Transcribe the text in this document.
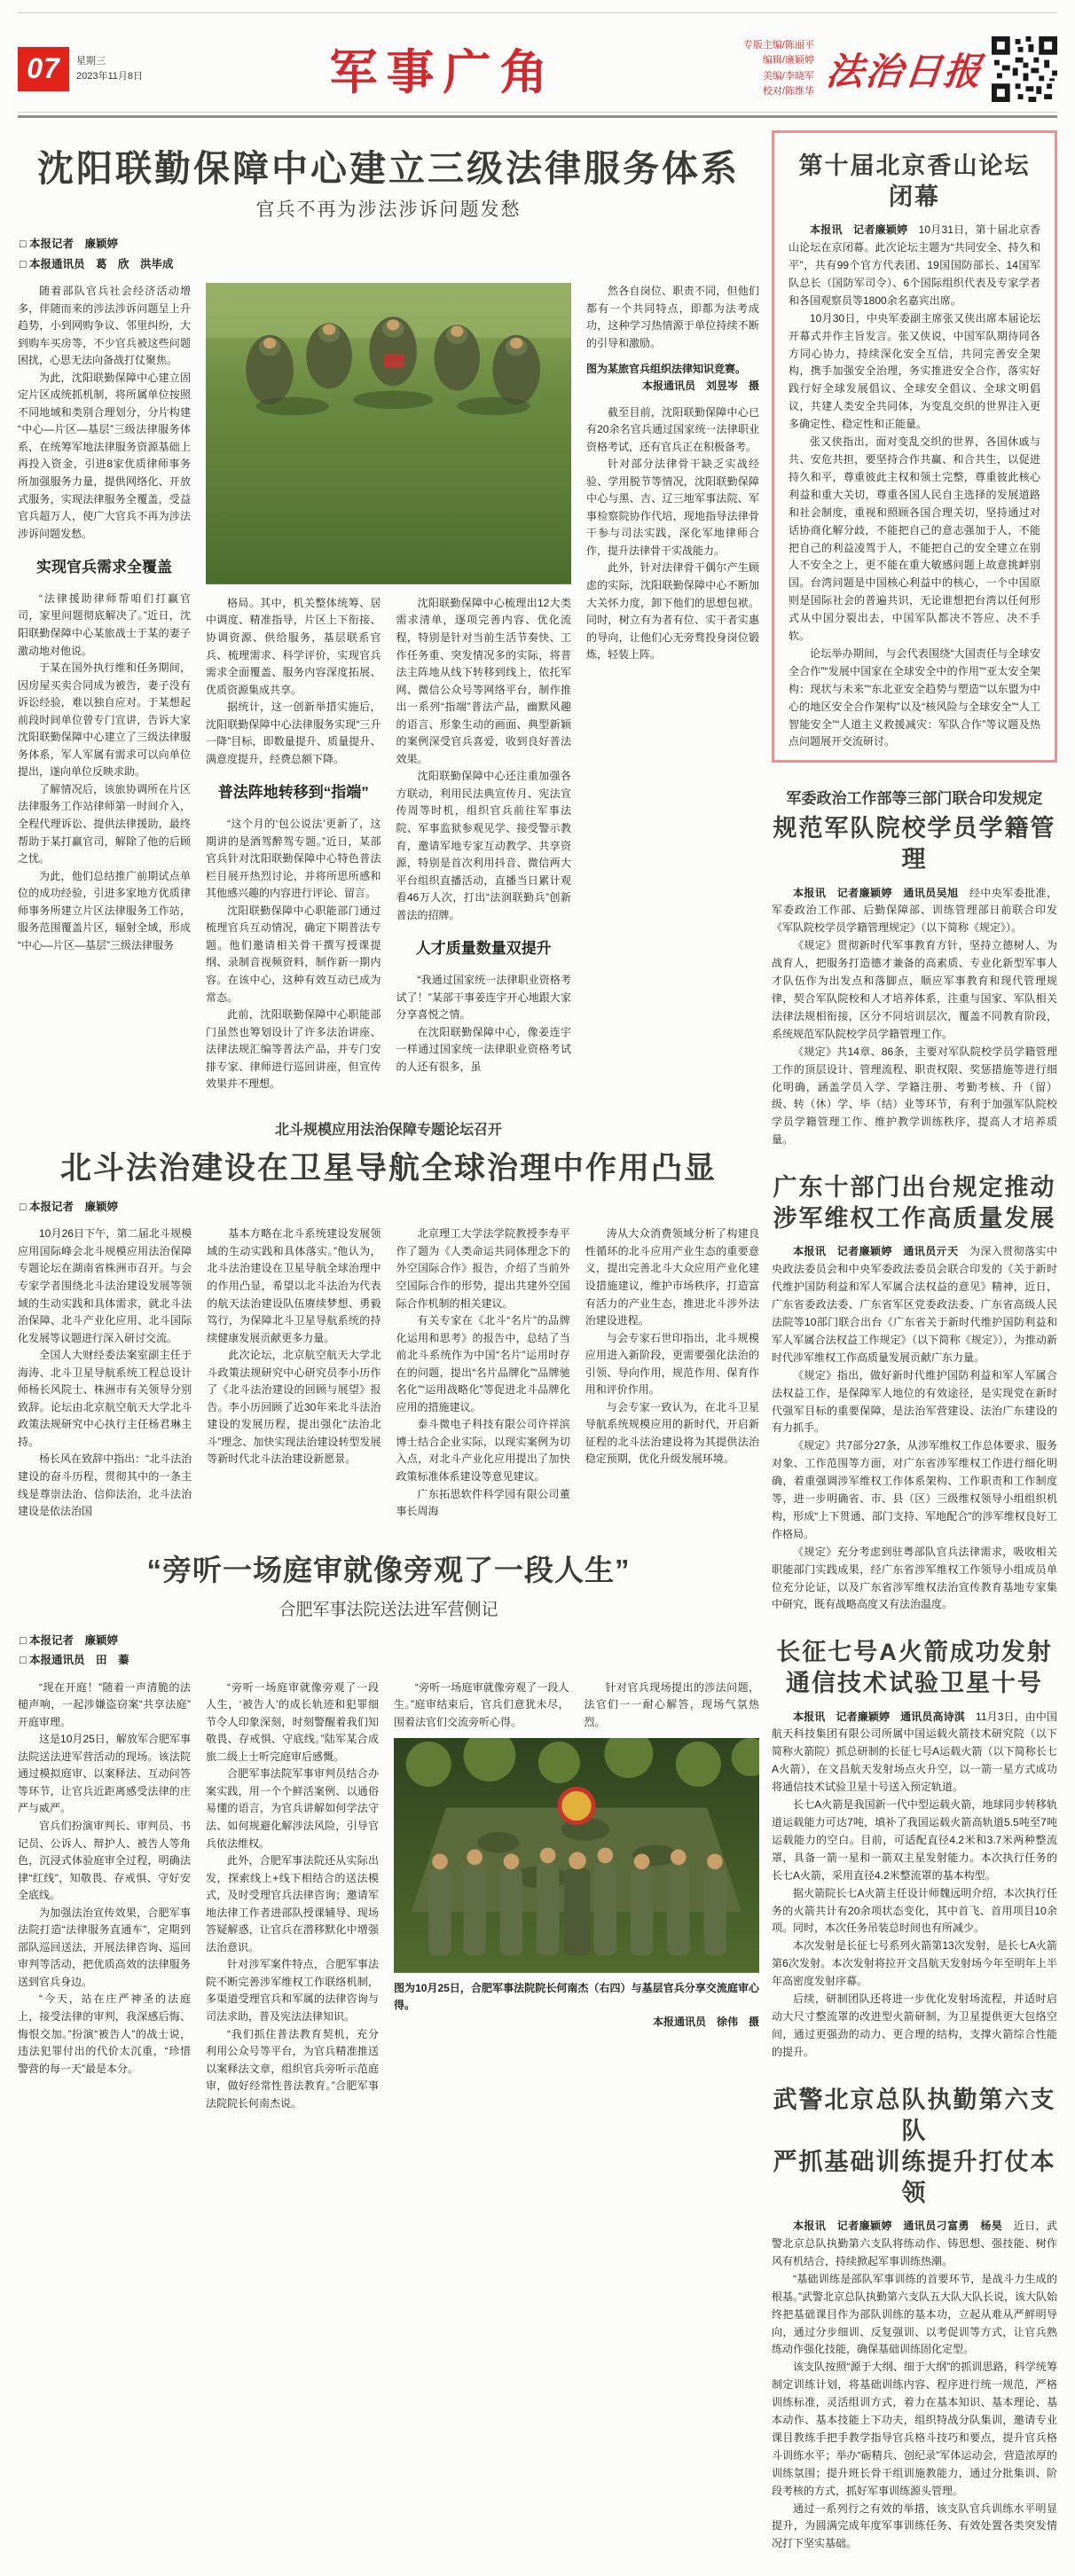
07	星期三
2023年11月8日	军事广角
专版主编/陈丽平
编辑/廉颖婷
美编/李晓军
校对/陈维华 法治日报
沈阳联勤保障中心建立三级法律服务体系
官兵不再为涉法涉诉问题发愁
□ 本报记者　廉颖婷
□ 本报通讯员　葛　欣　洪毕成

随着部队官兵社会经济活动增多，伴随而来的涉法涉诉问题呈上升趋势，小到网购争议、邻里纠纷，大到购车买房等，不少官兵被这些问题困扰，心思无法向备战打仗聚焦。

为此，沈阳联勤保障中心建立固定片区成统抓机制，将所属单位按照不同地域和类别合理划分，分片构建“中心—片区—基层”三级法律服务体系，在统筹军地法律服务资源基础上再投入资金，引进8家优质律师事务所加强服务力量，提供网络化、开放式服务，实现法律服务全覆盖，受益官兵超万人，使广大官兵不再为涉法涉诉问题发愁。

实现官兵需求全覆盖

“法律援助律师帮咱们打赢官司，家里问题彻底解决了。”近日，沈阳联勤保障中心某旅战士于某的妻子激动地对他说。

于某在国外执行维和任务期间，因房屋买卖合同成为被告，妻子没有诉讼经验，难以独自应对。于某想起前段时间单位曾专门宣讲，告诉大家沈阳联勤保障中心建立了三级法律服务体系，军人军属有需求可以向单位提出，遂向单位反映求助。

了解情况后，该旅协调所在片区法律服务工作站律师第一时间介入，全程代理诉讼、提供法律援助，最终帮助于某打赢官司，解除了他的后顾之忧。

为此，他们总结推广前期试点单位的成功经验，引进多家地方优质律师事务所建立片区法律服务工作站，服务范围覆盖片区，辐射全域，形成“中心—片区—基层”三级法律服务

格局。其中，机关整体统筹、居中调度、精准指导，片区上下衔接、协调资源、供给服务，基层联系官兵、梳理需求、科学评价，实现官兵需求全面覆盖、服务内容深度拓展、优质资源集成共享。

据统计，这一创新举措实施后，沈阳联勤保障中心法律服务实现“三升一降”目标，即数量提升、质量提升、满意度提升，经费总额下降。

普法阵地转移到“指端”

“这个月的‘包公说法’更新了，这期讲的是酒驾醉驾专题。”近日，某部官兵针对沈阳联勤保障中心特色普法栏目展开热烈讨论，并将所思所感和其他感兴趣的内容进行评论、留言。

沈阳联勤保障中心职能部门通过梳理官兵互动情况，确定下期普法专题。他们邀请相关骨干撰写授课提纲、录制音视频资料，制作新一期内容。在该中心，这种有效互动已成为常态。

此前，沈阳联勤保障中心职能部门虽然也筹划设计了许多法治讲座、法律法规汇编等普法产品，并专门安排专家、律师进行巡回讲座，但宣传效果并不理想。

沈阳联勤保障中心梳理出12大类需求清单，逐项完善内容、优化流程，特别是针对当前生活节奏快、工作任务重、突发情况多的实际，将普法主阵地从线下转移到线上，依托军网、微信公众号等网络平台，制作推出一系列“指端”普法产品，幽默风趣的语言、形象生动的画面、典型新颖的案例深受官兵喜爱，收到良好普法效果。

沈阳联勤保障中心还注重加强各方联动，利用民法典宣传月、宪法宣传周等时机，组织官兵前往军事法院、军事监狱参观见学、接受警示教育，邀请军地专家互动教学、共享资源，特别是首次利用抖音、微信两大平台组织直播活动，直播当日累计观看46万人次，打出“法润联勤兵”创新普法的招牌。

人才质量数量双提升

“我通过国家统一法律职业资格考试了！”某部干事姜连宇开心地跟大家分享喜悦之情。

在沈阳联勤保障中心，像姜连宇一样通过国家统一法律职业资格考试的人还有很多，虽

然各自岗位、职责不同，但他们都有一个共同特点，即都为法考成功，这种学习热情源于单位持续不断的引导和激励。

图为某旅官兵组织法律知识竞赛。
本报通讯员　刘昱岑　摄

截至目前，沈阳联勤保障中心已有20余名官兵通过国家统一法律职业资格考试，还有官兵正在积极备考。

针对部分法律骨干缺乏实战经验、学用脱节等情况，沈阳联勤保障中心与黑、吉、辽三地军事法院、军事检察院协作代培，现地指导法律骨干参与司法实践，深化军地律师合作，提升法律骨干实战能力。

此外，针对法律骨干偶尔产生顾虑的实际，沈阳联勤保障中心不断加大关怀力度，卸下他们的思想包袱。同时，树立有为者有位、实干者实惠的导向，让他们心无旁骛投身岗位锻炼，轻装上阵。

北斗规模应用法治保障专题论坛召开
北斗法治建设在卫星导航全球治理中作用凸显
□ 本报记者　廉颖婷

10月26日下午，第二届北斗规模应用国际峰会北斗规模应用法治保障专题论坛在湖南省株洲市召开。与会专家学者围绕北斗法治建设发展等领域的生动实践和具体需求，就北斗法治保障、北斗产业化应用、北斗国际化发展等议题进行深入研讨交流。

全国人大财经委法案室副主任于海涛、北斗卫星导航系统工程总设计师杨长风院士、株洲市有关领导分别致辞。论坛由北京航空航天大学北斗政策法规研究中心执行主任杨君琳主持。

杨长风在致辞中指出：“北斗法治建设的奋斗历程，贯彻其中的一条主线是尊崇法治、信仰法治，北斗法治建设是依法治国

基本方略在北斗系统建设发展领域的生动实践和具体落实。”他认为，北斗法治建设在卫星导航全球治理中的作用凸显，希望以北斗法治为代表的航天法治建设队伍赓续梦想、勇毅笃行，为保障北斗卫星导航系统的持续健康发展贡献更多力量。

此次论坛，北京航空航天大学北斗政策法规研究中心研究员李小历作了《北斗法治建设的回顾与展望》报告。李小历回顾了近30年来北斗法治建设的发展历程，提出强化“法治北斗”理念、加快实现法治建设转型发展等新时代北斗法治建设新愿景。

北京理工大学法学院教授李寿平作了题为《人类命运共同体理念下的外空国际合作》报告，介绍了当前外空国际合作的形势，提出共建外空国际合作机制的相关建议。

有关专家在《北斗“名片”的品牌化运用和思考》的报告中，总结了当前北斗系统作为中国“名片”运用时存在的问题，提出“名片品牌化”“品牌驰名化”“运用战略化”等促进北斗品牌化应用的措施建议。

泰斗微电子科技有限公司许祥滨博士结合企业实际，以现实案例为切入点，对北斗产业化应用提出了加快政策标准体系建设等意见建议。

广东拓思软件科学园有限公司董事长周海

涛从大众消费领域分析了构建良性循环的北斗应用产业生态的重要意义，提出完善北斗大众应用产业化建设措施建议，维护市场秩序，打造富有活力的产业生态，推进北斗涉外法治建设进程。

与会专家石世印指出，北斗规模应用进入新阶段，更需要强化法治的引领、导向作用，规范作用、保育作用和评价作用。

与会专家一致认为，在北斗卫星导航系统规模应用的新时代，开启新征程的北斗法治建设将为其提供法治稳定预期，优化升级发展环境。

“旁听一场庭审就像旁观了一段人生”
合肥军事法院送法进军营侧记
□ 本报记者　廉颖婷
□ 本报通讯员　田　蓁

“现在开庭！”随着一声清脆的法槌声响，一起涉嫌盗窃案“共享法庭”开庭审理。

这是10月25日，解放军合肥军事法院送法进军营活动的现场。该法院通过模拟庭审、以案释法、互动问答等环节，让官兵近距离感受法律的庄严与威严。

官兵们扮演审判长、审判员、书记员、公诉人、辩护人、被告人等角色，沉浸式体验庭审全过程，明确法律“红线”，知敬畏、存戒惧、守好安全底线。

为加强法治宣传效果，合肥军事法院打造“法律服务直通车”，定期到部队巡回送法，开展法律咨询、巡回审判等活动，把优质高效的法律服务送到官兵身边。

“今天，站在庄严神圣的法庭上，接受法律的审判，我深感后悔、悔恨交加。”扮演“被告人”的战士说，违法犯罪付出的代价太沉重，“珍惜警营的每一天”最是本分。

“旁听一场庭审就像旁观了一段人生，‘被告人’的成长轨迹和犯罪细节令人印象深刻，时刻警醒着我们知敬畏、存戒惧、守底线。”陆军某合成旅二级上士听完庭审后感慨。

合肥军事法院军事审判员结合办案实践，用一个个鲜活案例、以通俗易懂的语言，为官兵讲解如何学法守法、如何规避化解涉法风险，引导官兵依法维权。

此外，合肥军事法院还从实际出发，探索线上+线下相结合的送法模式，及时受理官兵法律咨询；邀请军地法律工作者进部队授课辅导、现场答疑解惑，让官兵在潜移默化中增强法治意识。

针对涉军案件特点，合肥军事法院不断完善涉军维权工作联络机制，多渠道受理官兵和军属的法律咨询与司法求助，普及宪法法律知识。

“我们抓住普法教育契机，充分利用公众号等平台，为官兵精准推送以案释法文章，组织官兵旁听示范庭审，做好经常性普法教育。”合肥军事法院院长何南杰说。

“旁听一场庭审就像旁观了一段人生。”庭审结束后，官兵们意犹未尽，围着法官们交流旁听心得。

针对官兵现场提出的涉法问题，法官们一一耐心解答，现场气氛热烈。

图为10月25日，合肥军事法院院长何南杰（右四）与基层官兵分享交流庭审心得。
本报通讯员　徐伟　摄
第十届北京香山论坛闭幕

本报讯　记者廉颖婷　10月31日，第十届北京香山论坛在京闭幕。此次论坛主题为“共同安全、持久和平”，共有99个官方代表团、19国国防部长、14国军队总长（国防军司令）、6个国际组织代表及专家学者和各国观察员等1800余名嘉宾出席。

10月30日，中央军委副主席张又侠出席本届论坛开幕式并作主旨发言。张又侠说，中国军队期待同各方同心协力，持续深化安全互信，共同完善安全架构，携手加强安全治理，务实推进安全合作，落实好践行好全球发展倡议、全球安全倡议、全球文明倡议，共建人类安全共同体，为变乱交织的世界注入更多确定性、稳定性和正能量。

张又侠指出，面对变乱交织的世界，各国休戚与共、安危共担，要坚持合作共赢、和合共生，以促进持久和平，尊重彼此主权和领土完整，尊重彼此核心利益和重大关切，尊重各国人民自主选择的发展道路和社会制度，重视和照顾各国合理关切，坚持通过对话协商化解分歧，不能把自己的意志强加于人，不能把自己的利益凌驾于人，不能把自己的安全建立在别人不安全之上，更不能在重大敏感问题上故意挑衅别国。台湾问题是中国核心利益中的核心，一个中国原则是国际社会的普遍共识，无论谁想把台湾以任何形式从中国分裂出去，中国军队都决不答应、决不手软。

论坛举办期间，与会代表围绕“大国责任与全球安全合作”“发展中国家在全球安全中的作用”“亚太安全架构：现状与未来”“东北亚安全趋势与塑造”“以东盟为中心的地区安全合作架构”以及“核风险与全球安全”“人工智能安全”“人道主义救援减灾：军队合作”等议题及热点问题展开交流研讨。

军委政治工作部等三部门联合印发规定
规范军队院校学员学籍管理

本报讯　记者廉颖婷　通讯员吴旭　经中央军委批准，军委政治工作部、后勤保障部、训练管理部日前联合印发《军队院校学员学籍管理规定》（以下简称《规定》）。

《规定》贯彻新时代军事教育方针，坚持立德树人、为战育人，把服务打造德才兼备的高素质、专业化新型军事人才队伍作为出发点和落脚点，顺应军事教育和现代管理规律，契合军队院校和人才培养体系，注重与国家、军队相关法律法规相衔接，区分不同培训层次，覆盖不同教育阶段，系统规范军队院校学员学籍管理工作。

《规定》共14章、86条，主要对军队院校学员学籍管理工作的顶层设计、管理流程、职责权限、奖惩措施等进行细化明确，涵盖学员入学、学籍注册、考勤考核、升（留）级、转（休）学、毕（结）业等环节，有利于加强军队院校学员学籍管理工作、维护教学训练秩序，提高人才培养质量。

广东十部门出台规定推动
涉军维权工作高质量发展

本报讯　记者廉颖婷　通讯员亓天　为深入贯彻落实中央政法委员会和中央军委政法委员会联合印发的《关于新时代维护国防利益和军人军属合法权益的意见》精神，近日，广东省委政法委、广东省军区党委政法委、广东省高级人民法院等10部门联合出台《广东省关于新时代维护国防利益和军人军属合法权益工作规定》（以下简称《规定》），为推动新时代涉军维权工作高质量发展贡献广东力量。

《规定》指出，做好新时代维护国防利益和军人军属合法权益工作，是保障军人地位的有效途径，是实现党在新时代强军目标的重要保障，是法治军营建设、法治广东建设的有力抓手。

《规定》共7部分27条，从涉军维权工作总体要求、服务对象、工作范围等方面，对广东省涉军维权工作进行细化明确，着重强调涉军维权工作体系架构、工作职责和工作制度等，进一步明确省、市、县（区）三级维权领导小组组织机构，形成“上下贯通、部门支持、军地配合”的涉军维权良好工作格局。

《规定》充分考虑到驻粤部队官兵法律需求，吸收相关职能部门实践成果，经广东省涉军维权工作领导小组成员单位充分论证，以及广东省涉军维权法治宣传教育基地专家集中研究，既有战略高度又有法治温度。

长征七号A火箭成功发射
通信技术试验卫星十号

本报讯　记者廉颖婷　通讯员高诗淇　11月3日，由中国航天科技集团有限公司所属中国运载火箭技术研究院（以下简称火箭院）抓总研制的长征七号A运载火箭（以下简称长七A火箭），在文昌航天发射场点火升空，以一箭一星方式成功将通信技术试验卫星十号送入预定轨道。

长七A火箭是我国新一代中型运载火箭，地球同步转移轨道运载能力可达7吨，填补了我国运载火箭高轨道5.5吨至7吨运载能力的空白。目前，可适配直径4.2米和3.7米两种整流罩，具备一箭一星和一箭双主星发射能力。本次执行任务的长七A火箭，采用直径4.2米整流罩的基本构型。

据火箭院长七A火箭主任设计师魏远明介绍，本次执行任务的火箭共计有20余项状态变化，其中首飞、首用项目10余项。同时，本次任务吊装总时间也有所减少。

本次发射是长征七号系列火箭第13次发射，是长七A火箭第6次发射。本次发射将拉开文昌航天发射场今年至明年上半年高密度发射序幕。

后续，研制团队还将进一步优化发射场流程，并适时启动大尺寸整流罩的改进型火箭研制，为卫星提供更大包络空间，通过更强劲的动力、更合理的结构，支撑火箭综合性能的提升。

武警北京总队执勤第六支队
严抓基础训练提升打仗本领

本报讯　记者廉颖婷　通讯员刁富勇　杨昊　近日，武警北京总队执勤第六支队将练动作、铸思想、强技能、树作风有机结合，持续掀起军事训练热潮。

“基础训练是部队军事训练的首要环节，是战斗力生成的根基。”武警北京总队执勤第六支队五大队大队长说，该大队始终把基础课目作为部队训练的基本功，立起从难从严鲜明导向，通过分步细训、反复强训、以考促训等方式，让官兵熟练动作强化技能，确保基础训练固化定型。

该支队按照“源于大纲、细于大纲”的抓训思路，科学统筹制定训练计划，将基础训练内容、程序进行统一规范，严格训练标准，灵活组训方式，着力在基本知识、基本理论、基本动作、基本技能上下功夫，组织特战分队集训，邀请专业课目教练手把手教学指导官兵格斗技巧和要点，提升官兵格斗训练水平；举办“砺精兵、创纪录”军体运动会，营造浓厚的训练氛围；提升班长骨干组训施教能力，通过分批集训、阶段考核的方式，抓好军事训练源头管理。

通过一系列行之有效的举措，该支队官兵训练水平明显提升，为圆满完成年度军事训练任务、有效处置各类突发情况打下坚实基础。
